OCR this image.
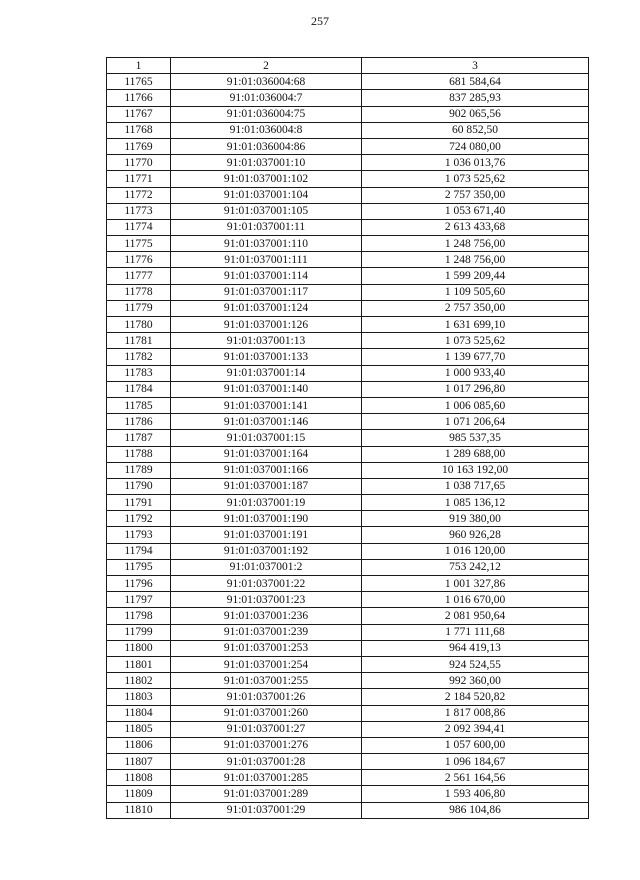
257
1	2	3
11765	91:01:036004:68	681 584,64
11766	91:01:036004:7	837 285,93
11767	91:01:036004:75	902 065,56
11768	91:01:036004:8	60 852,50
11769	91:01:036004:86	724 080,00
11770	91:01:037001:10	1 036 013,76
11771	91:01:037001:102	1 073 525,62
11772	91:01:037001:104	2 757 350,00
11773	91:01:037001:105	1 053 671,40
11774	91:01:037001:11	2 613 433,68
11775	91:01:037001:110	1 248 756,00
11776	91:01:037001:111	1 248 756,00
11777	91:01:037001:114	1 599 209,44
11778	91:01:037001:117	1 109 505,60
11779	91:01:037001:124	2 757 350,00
11780	91:01:037001:126	1 631 699,10
11781	91:01:037001:13	1 073 525,62
11782	91:01:037001:133	1 139 677,70
11783	91:01:037001:14	1 000 933,40
11784	91:01:037001:140	1 017 296,80
11785	91:01:037001:141	1 006 085,60
11786	91:01:037001:146	1 071 206,64
11787	91:01:037001:15	985 537,35
11788	91:01:037001:164	1 289 688,00
11789	91:01:037001:166	10 163 192,00
11790	91:01:037001:187	1 038 717,65
11791	91:01:037001:19	1 085 136,12
11792	91:01:037001:190	919 380,00
11793	91:01:037001:191	960 926,28
11794	91:01:037001:192	1 016 120,00
11795	91:01:037001:2	753 242,12
11796	91:01:037001:22	1 001 327,86
11797	91:01:037001:23	1 016 670,00
11798	91:01:037001:236	2 081 950,64
11799	91:01:037001:239	1 771 111,68
11800	91:01:037001:253	964 419,13
11801	91:01:037001:254	924 524,55
11802	91:01:037001:255	992 360,00
11803	91:01:037001:26	2 184 520,82
11804	91:01:037001:260	1 817 008,86
11805	91:01:037001:27	2 092 394,41
11806	91:01:037001:276	1 057 600,00
11807	91:01:037001:28	1 096 184,67
11808	91:01:037001:285	2 561 164,56
11809	91:01:037001:289	1 593 406,80
11810	91:01:037001:29	986 104,86
